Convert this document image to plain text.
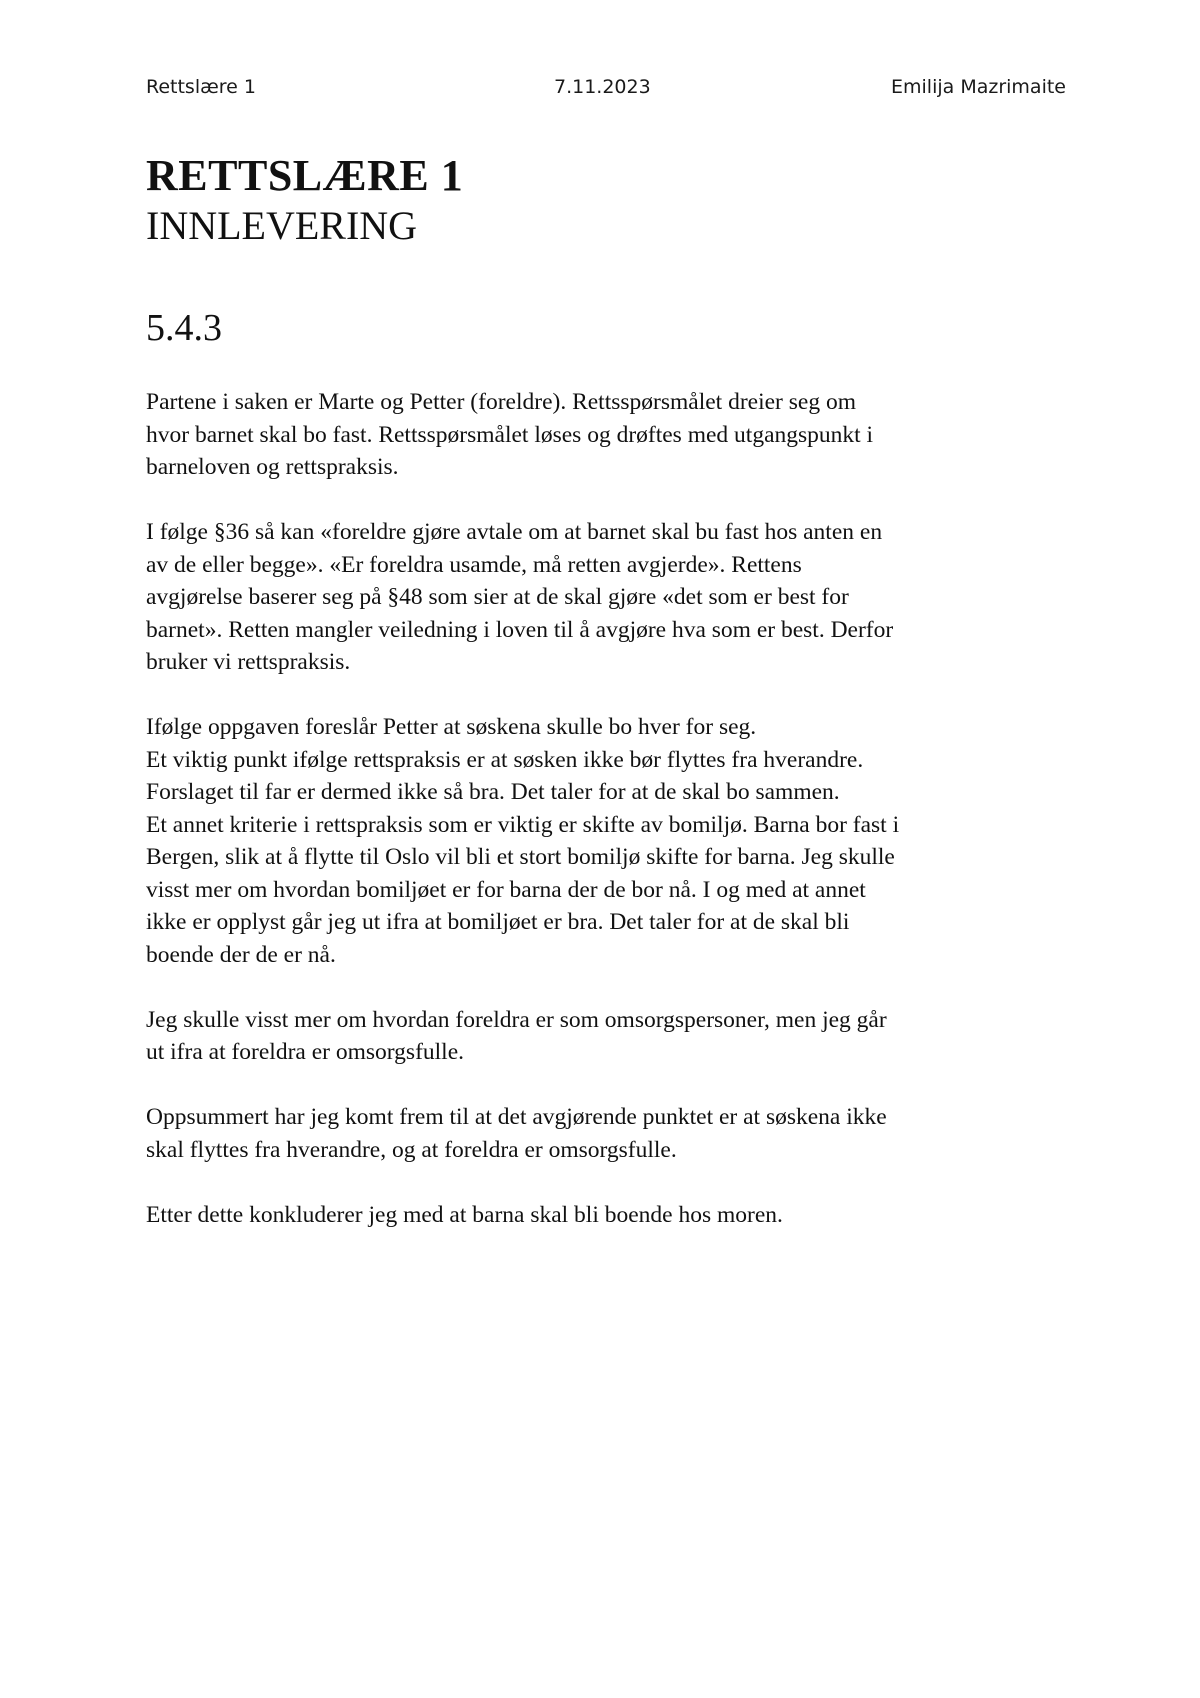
Rettslære 1	7.11.2023	Emilija Mazrimaite
RETTSLÆRE 1
INNLEVERING
5.4.3

Partene i saken er Marte og Petter (foreldre). Rettsspørsmålet dreier seg om
hvor barnet skal bo fast. Rettsspørsmålet løses og drøftes med utgangspunkt i
barneloven og rettspraksis.

I følge §36 så kan «foreldre gjøre avtale om at barnet skal bu fast hos anten en
av de eller begge». «Er foreldra usamde, må retten avgjerde». Rettens
avgjørelse baserer seg på §48 som sier at de skal gjøre «det som er best for
barnet». Retten mangler veiledning i loven til å avgjøre hva som er best. Derfor
bruker vi rettspraksis.

Ifølge oppgaven foreslår Petter at søskena skulle bo hver for seg.
Et viktig punkt ifølge rettspraksis er at søsken ikke bør flyttes fra hverandre.
Forslaget til far er dermed ikke så bra. Det taler for at de skal bo sammen.
Et annet kriterie i rettspraksis som er viktig er skifte av bomiljø. Barna bor fast i
Bergen, slik at å flytte til Oslo vil bli et stort bomiljø skifte for barna. Jeg skulle
visst mer om hvordan bomiljøet er for barna der de bor nå. I og med at annet
ikke er opplyst går jeg ut ifra at bomiljøet er bra. Det taler for at de skal bli
boende der de er nå.

Jeg skulle visst mer om hvordan foreldra er som omsorgspersoner, men jeg går
ut ifra at foreldra er omsorgsfulle.

Oppsummert har jeg komt frem til at det avgjørende punktet er at søskena ikke
skal flyttes fra hverandre, og at foreldra er omsorgsfulle.

Etter dette konkluderer jeg med at barna skal bli boende hos moren.
